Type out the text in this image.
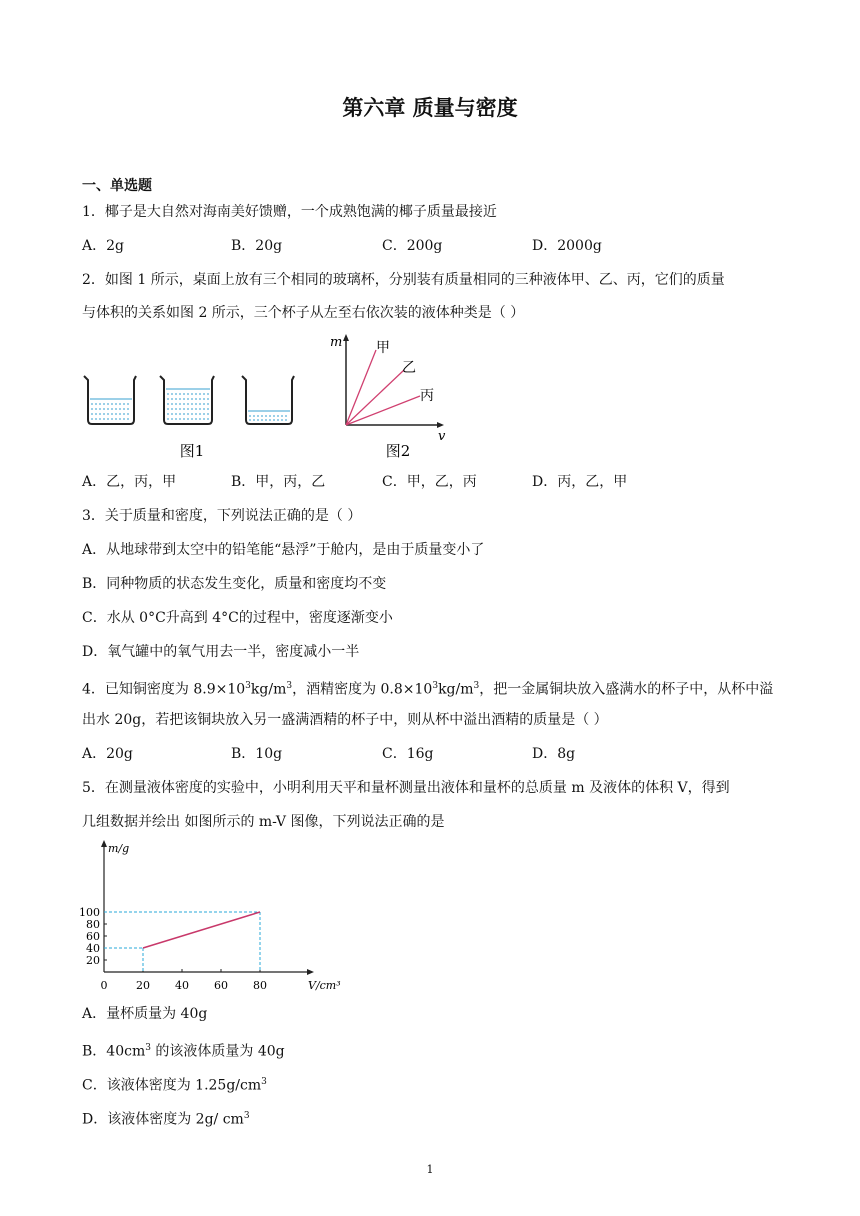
第六章 质量与密度
一、单选题
1．椰子是大自然对海南美好馈赠，一个成熟饱满的椰子质量最接近
A．2g	B．20g	C．200g	D．2000g
2．如图 1 所示，桌面上放有三个相同的玻璃杯，分别装有质量相同的三种液体甲、乙、丙，它们的质量
与体积的关系如图 2 所示，三个杯子从左至右依次装的液体种类是（ ）
图1
m
v
甲
乙
丙
图2
A．乙，丙，甲	B．甲，丙，乙	C．甲，乙，丙	D．丙，乙，甲
3．关于质量和密度，下列说法正确的是（ ）
A．从地球带到太空中的铅笔能“悬浮”于舱内，是由于质量变小了
B．同种物质的状态发生变化，质量和密度均不变
C．水从 0°C升高到 4°C的过程中，密度逐渐变小
D．氧气罐中的氧气用去一半，密度减小一半
4．已知铜密度为 $8.9\times 10^3kg/m^3$，酒精密度为 $0.8\times 10^3kg/m^3$，把一金属铜块放入盛满水的杯子中，从杯中溢
出水 20g，若把该铜块放入另一盛满酒精的杯子中，则从杯中溢出酒精的质量是（ ）
A．20g	B．10g	C．16g	D．8g
5．在测量液体密度的实验中，小明利用天平和量杯测量出液体和量杯的总质量 m 及液体的体积 V，得到
几组数据并绘出 如图所示的 m-V 图像，下列说法正确的是
m/g
V/cm³
20
40
60
80
100
0	20 40 60 80
A．量杯质量为 40g
B．$40cm^3$ 的该液体质量为 40g
C．该液体密度为 $1.25g/cm^3$
D．该液体密度为 2g/ $cm^3$
1
